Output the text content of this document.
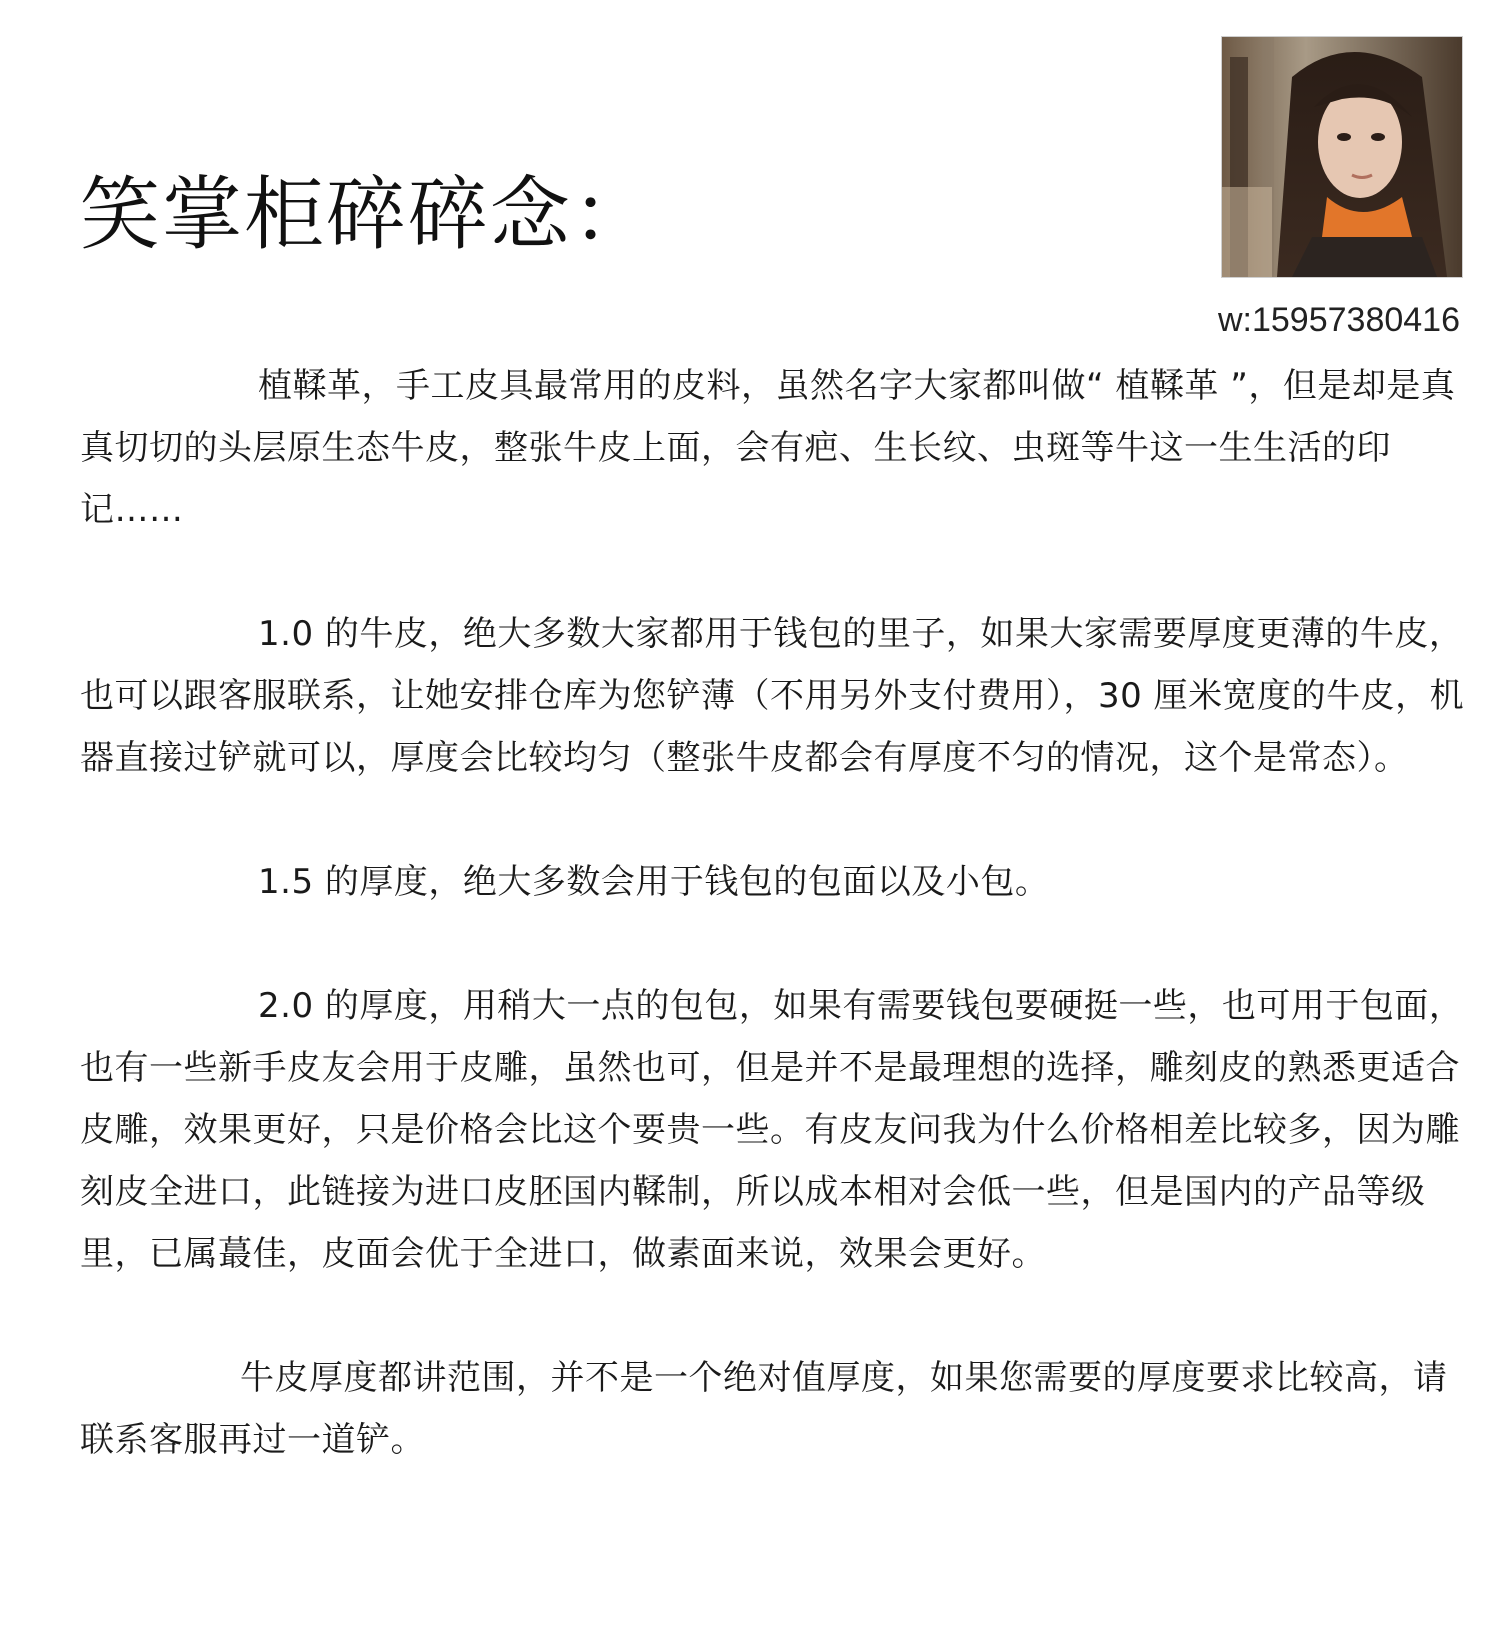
笑掌柜碎碎念：
w:15957380416

植鞣革，手工皮具最常用的皮料，虽然名字大家都叫做“ 植鞣革 ”，但是却是真真切切的头层原生态牛皮，整张牛皮上面，会有疤、生长纹、虫斑等牛这一生生活的印记……

1.0 的牛皮，绝大多数大家都用于钱包的里子，如果大家需要厚度更薄的牛皮，也可以跟客服联系，让她安排仓库为您铲薄（不用另外支付费用），30 厘米宽度的牛皮，机器直接过铲就可以，厚度会比较均匀（整张牛皮都会有厚度不匀的情况，这个是常态）。

1.5 的厚度，绝大多数会用于钱包的包面以及小包。

2.0 的厚度，用稍大一点的包包，如果有需要钱包要硬挺一些，也可用于包面，也有一些新手皮友会用于皮雕，虽然也可，但是并不是最理想的选择，雕刻皮的熟悉更适合皮雕，效果更好，只是价格会比这个要贵一些。有皮友问我为什么价格相差比较多，因为雕刻皮全进口，此链接为进口皮胚国内鞣制，所以成本相对会低一些，但是国内的产品等级里，已属蕞佳，皮面会优于全进口，做素面来说，效果会更好。

牛皮厚度都讲范围，并不是一个绝对值厚度，如果您需要的厚度要求比较高，请联系客服再过一道铲。
